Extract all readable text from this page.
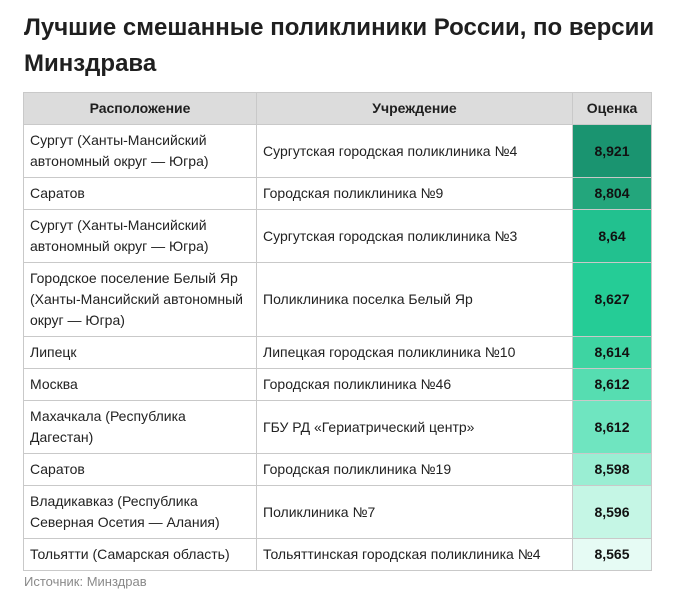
Лучшие смешанные поликлиники России, по версии Минздрава
Расположение	Учреждение	Оценка
Сургут (Ханты-Мансийский автономный округ — Югра)	Сургутская городская поликлиника №4	8,921
Саратов	Городская поликлиника №9	8,804
Сургут (Ханты-Мансийский автономный округ — Югра)	Сургутская городская поликлиника №3	8,64
Городское поселение Белый Яр (Ханты-Мансийский автономный округ — Югра)	Поликлиника поселка Белый Яр	8,627
Липецк	Липецкая городская поликлиника №10	8,614
Москва	Городская поликлиника №46	8,612
Махачкала (Республика Дагестан)	ГБУ РД «Гериатрический центр»	8,612
Саратов	Городская поликлиника №19	8,598
Владикавказ (Республика Северная Осетия — Алания)	Поликлиника №7	8,596
Тольятти (Самарская область)	Тольяттинская городская поликлиника №4	8,565
Источник: Минздрав
